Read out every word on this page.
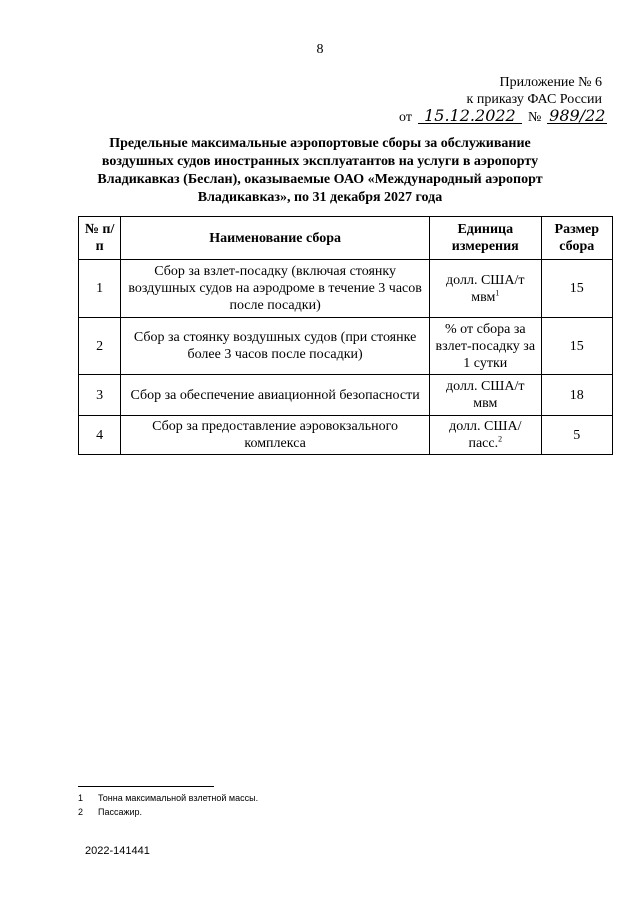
8
Приложение № 6
к приказу ФАС России
от 15.12.2022 № 989/22
Предельные максимальные аэропортовые сборы за обслуживание воздушных судов иностранных эксплуатантов на услуги в аэропорту Владикавказ (Беслан), оказываемые ОАО «Международный аэропорт Владикавказ», по 31 декабря 2027 года
№ п/п	Наименование сбора	Единица измерения	Размер сбора
1	Сбор за взлет-посадку (включая стоянку воздушных судов на аэродроме в течение 3 часов после посадки)	долл. США/т мвм$^1$	15
2	Сбор за стоянку воздушных судов (при стоянке более 3 часов после посадки)	% от сбора за взлет-посадку за 1 сутки	15
3	Сбор за обеспечение авиационной безопасности	долл. США/т мвм	18
4	Сбор за предоставление аэровокзального комплекса	долл. США/пасс.$^2$	5
1 Тонна максимальной взлетной массы.
2 Пассажир.
2022-141441
